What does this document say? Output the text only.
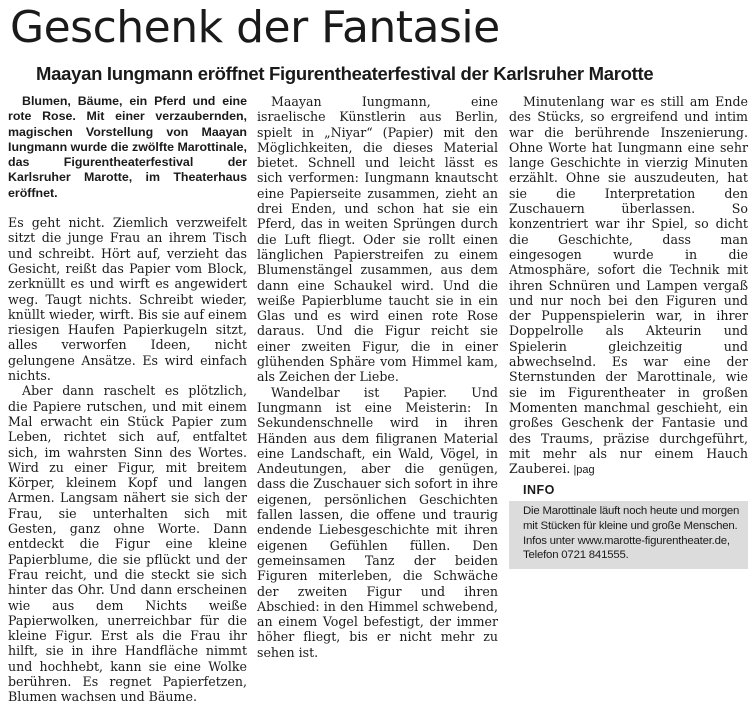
Geschenk der Fantasie
Maayan Iungmann eröffnet Figurentheaterfestival der Karlsruher Marotte

Blumen, Bäume, ein Pferd und eine rote Rose. Mit einer verzaubernden, magischen Vorstellung von Maayan Iungmann wurde die zwölfte Marottinale, das Figurentheaterfestival der Karlsruher Marotte, im Theaterhaus eröffnet.

Es geht nicht. Ziemlich verzweifelt sitzt die junge Frau an ihrem Tisch und schreibt. Hört auf, verzieht das Gesicht, reißt das Papier vom Block, zerknüllt es und wirft es angewidert weg. Taugt nichts. Schreibt wieder, knüllt wieder, wirft. Bis sie auf einem riesigen Haufen Papierkugeln sitzt, alles verworfen Ideen, nicht gelungene Ansätze. Es wird einfach nichts.

Aber dann raschelt es plötzlich, die Papiere rutschen, und mit einem Mal erwacht ein Stück Papier zum Leben, richtet sich auf, entfaltet sich, im wahrsten Sinn des Wortes. Wird zu einer Figur, mit breitem Körper, kleinem Kopf und langen Armen. Langsam nähert sie sich der Frau, sie unterhalten sich mit Gesten, ganz ohne Worte. Dann entdeckt die Figur eine kleine Papierblume, die sie pflückt und der Frau reicht, und die steckt sie sich hinter das Ohr. Und dann erscheinen wie aus dem Nichts weiße Papierwolken, unerreichbar für die kleine Figur. Erst als die Frau ihr hilft, sie in ihre Handfläche nimmt und hochhebt, kann sie eine Wolke berühren. Es regnet Papierfetzen, Blumen wachsen und Bäume.

Maayan Iungmann, eine israelische Künstlerin aus Berlin, spielt in „Niyar“ (Papier) mit den Möglichkeiten, die dieses Material bietet. Schnell und leicht lässt es sich verformen: Iungmann knautscht eine Papierseite zusammen, zieht an drei Enden, und schon hat sie ein Pferd, das in weiten Sprüngen durch die Luft fliegt. Oder sie rollt einen länglichen Papierstreifen zu einem Blumenstängel zusammen, aus dem dann eine Schaukel wird. Und die weiße Papierblume taucht sie in ein Glas und es wird einen rote Rose daraus. Und die Figur reicht sie einer zweiten Figur, die in einer glühenden Sphäre vom Himmel kam, als Zeichen der Liebe.

Wandelbar ist Papier. Und Iungmann ist eine Meisterin: In Sekundenschnelle wird in ihren Händen aus dem filigranen Material eine Landschaft, ein Wald, Vögel, in Andeutungen, aber die genügen, dass die Zuschauer sich sofort in ihre eigenen, persönlichen Geschichten fallen lassen, die offene und traurig endende Liebesgeschichte mit ihren eigenen Gefühlen füllen. Den gemeinsamen Tanz der beiden Figuren miterleben, die Schwäche der zweiten Figur und ihren Abschied: in den Himmel schwebend, an einem Vogel befestigt, der immer höher fliegt, bis er nicht mehr zu sehen ist.

Minutenlang war es still am Ende des Stücks, so ergreifend und intim war die berührende Inszenierung. Ohne Worte hat Iungmann eine sehr lange Geschichte in vierzig Minuten erzählt. Ohne sie auszudeuten, hat sie die Interpretation den Zuschauern überlassen. So konzentriert war ihr Spiel, so dicht die Geschichte, dass man eingesogen wurde in die Atmosphäre, sofort die Technik mit ihren Schnüren und Lampen vergaß und nur noch bei den Figuren und der Puppenspielerin war, in ihrer Doppelrolle als Akteurin und Spielerin gleichzeitig und abwechselnd. Es war eine der Sternstunden der Marottinale, wie sie im Figurentheater in großen Momenten manchmal geschieht, ein großes Geschenk der Fantasie und des Traums, präzise durchgeführt, mit mehr als nur einem Hauch Zauberei. |pag

INFO
Die Marottinale läuft noch heute und morgen mit Stücken für kleine und große Menschen. Infos unter www.marotte-figurentheater.de, Telefon 0721 841555.
